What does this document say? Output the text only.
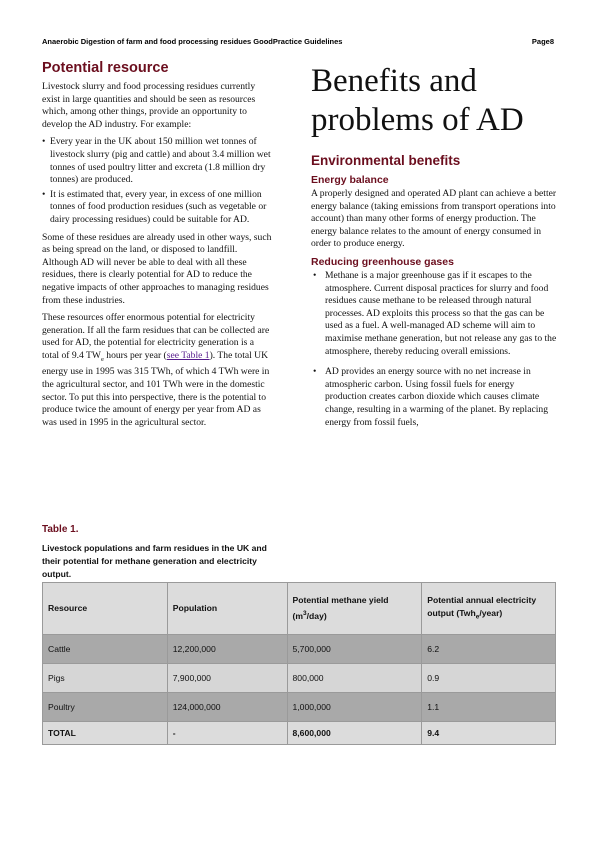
Anaerobic Digestion of farm and food processing residues GoodPractice Guidelines	Page8
Potential resource

Livestock slurry and food processing residues currently exist in large quantities and should be seen as resources which, among other things, provide an opportunity to develop the AD industry. For example:

• Every year in the UK about 150 million wet tonnes of livestock slurry (pig and cattle) and about 3.4 million wet tonnes of used poultry litter and excreta (1.8 million dry tonnes) are produced.
• It is estimated that, every year, in excess of one million tonnes of food production residues (such as vegetable or dairy processing residues) could be suitable for AD.

Some of these residues are already used in other ways, such as being spread on the land, or disposed to landfill. Although AD will never be able to deal with all these residues, there is clearly potential for AD to reduce the negative impacts of other approaches to managing residues from these industries.

These resources offer enormous potential for electricity generation. If all the farm residues that can be collected are used for AD, the potential for electricity generation is a total of 9.4 $TW_e$ hours per year (see Table 1). The total UK energy use in 1995 was 315 TWh, of which 4 TWh were in the agricultural sector, and 101 TWh were in the domestic sector. To put this into perspective, there is the potential to produce twice the amount of energy per year from AD as was used in 1995 in the agricultural sector.

Benefits and problems of AD
Environmental benefits
Energy balance

A properly designed and operated AD plant can achieve a better energy balance (taking emissions from transport operations into account) than many other forms of energy production. The energy balance relates to the amount of energy consumed in order to produce energy.

Reducing greenhouse gases
• Methane is a major greenhouse gas if it escapes to the atmosphere. Current disposal practices for slurry and food residues cause methane to be released through natural processes. AD exploits this process so that the gas can be used as a fuel. A well-managed AD scheme will aim to maximise methane generation, but not release any gas to the atmosphere, thereby reducing overall emissions.
• AD provides an energy source with no net increase in atmospheric carbon. Using fossil fuels for energy production creates carbon dioxide which causes climate change, resulting in a warming of the planet. By replacing energy from fossil fuels,
Table 1.
Livestock populations and farm residues in the UK and their potential for methane generation and electricity output.
Resource	Population	Potential methane yield $(m^3/day)$	Potential annual electricity output (Twh$_e$/year)
Cattle	12,200,000	5,700,000	6.2
Pigs	7,900,000	800,000	0.9
Poultry	124,000,000	1,000,000	1.1
TOTAL	-	8,600,000	9.4
